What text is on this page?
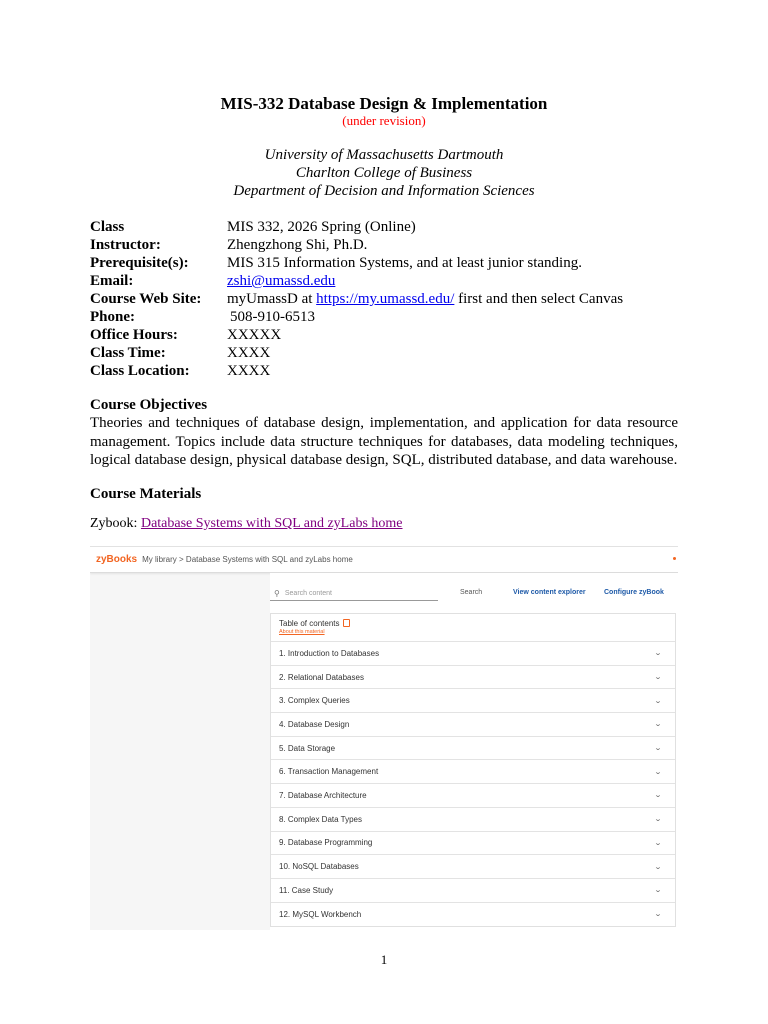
MIS-332 Database Design & Implementation
(under revision)
University of Massachusetts Dartmouth
Charlton College of Business
Department of Decision and Information Sciences
Class	MIS 332, 2026 Spring (Online)
Instructor:	Zhengzhong Shi, Ph.D.
Prerequisite(s):	MIS 315 Information Systems, and at least junior standing.
Email:	zshi@umassd.edu
Course Web Site:	myUmassD at https://my.umassd.edu/ first and then select Canvas
Phone:	508-910-6513
Office Hours:	XXXXX
Class Time:	XXXX
Class Location:	XXXX
Course Objectives
Theories and techniques of database design, implementation, and application for data resource management. Topics include data structure techniques for databases, data modeling techniques, logical database design, physical database design, SQL, distributed database, and data warehouse.
Course Materials
Zybook: Database Systems with SQL and zyLabs home
zyBooks My library > Database Systems with SQL and zyLabs home
⚲ Search content	Search	View content explorer	Configure zyBook
Table of contents
About this material
1. Introduction to Databases	⌄
2. Relational Databases	⌄
3. Complex Queries	⌄
4. Database Design	⌄
5. Data Storage	⌄
6. Transaction Management	⌄
7. Database Architecture	⌄
8. Complex Data Types	⌄
9. Database Programming	⌄
10. NoSQL Databases	⌄
11. Case Study	⌄
12. MySQL Workbench	⌄
1
